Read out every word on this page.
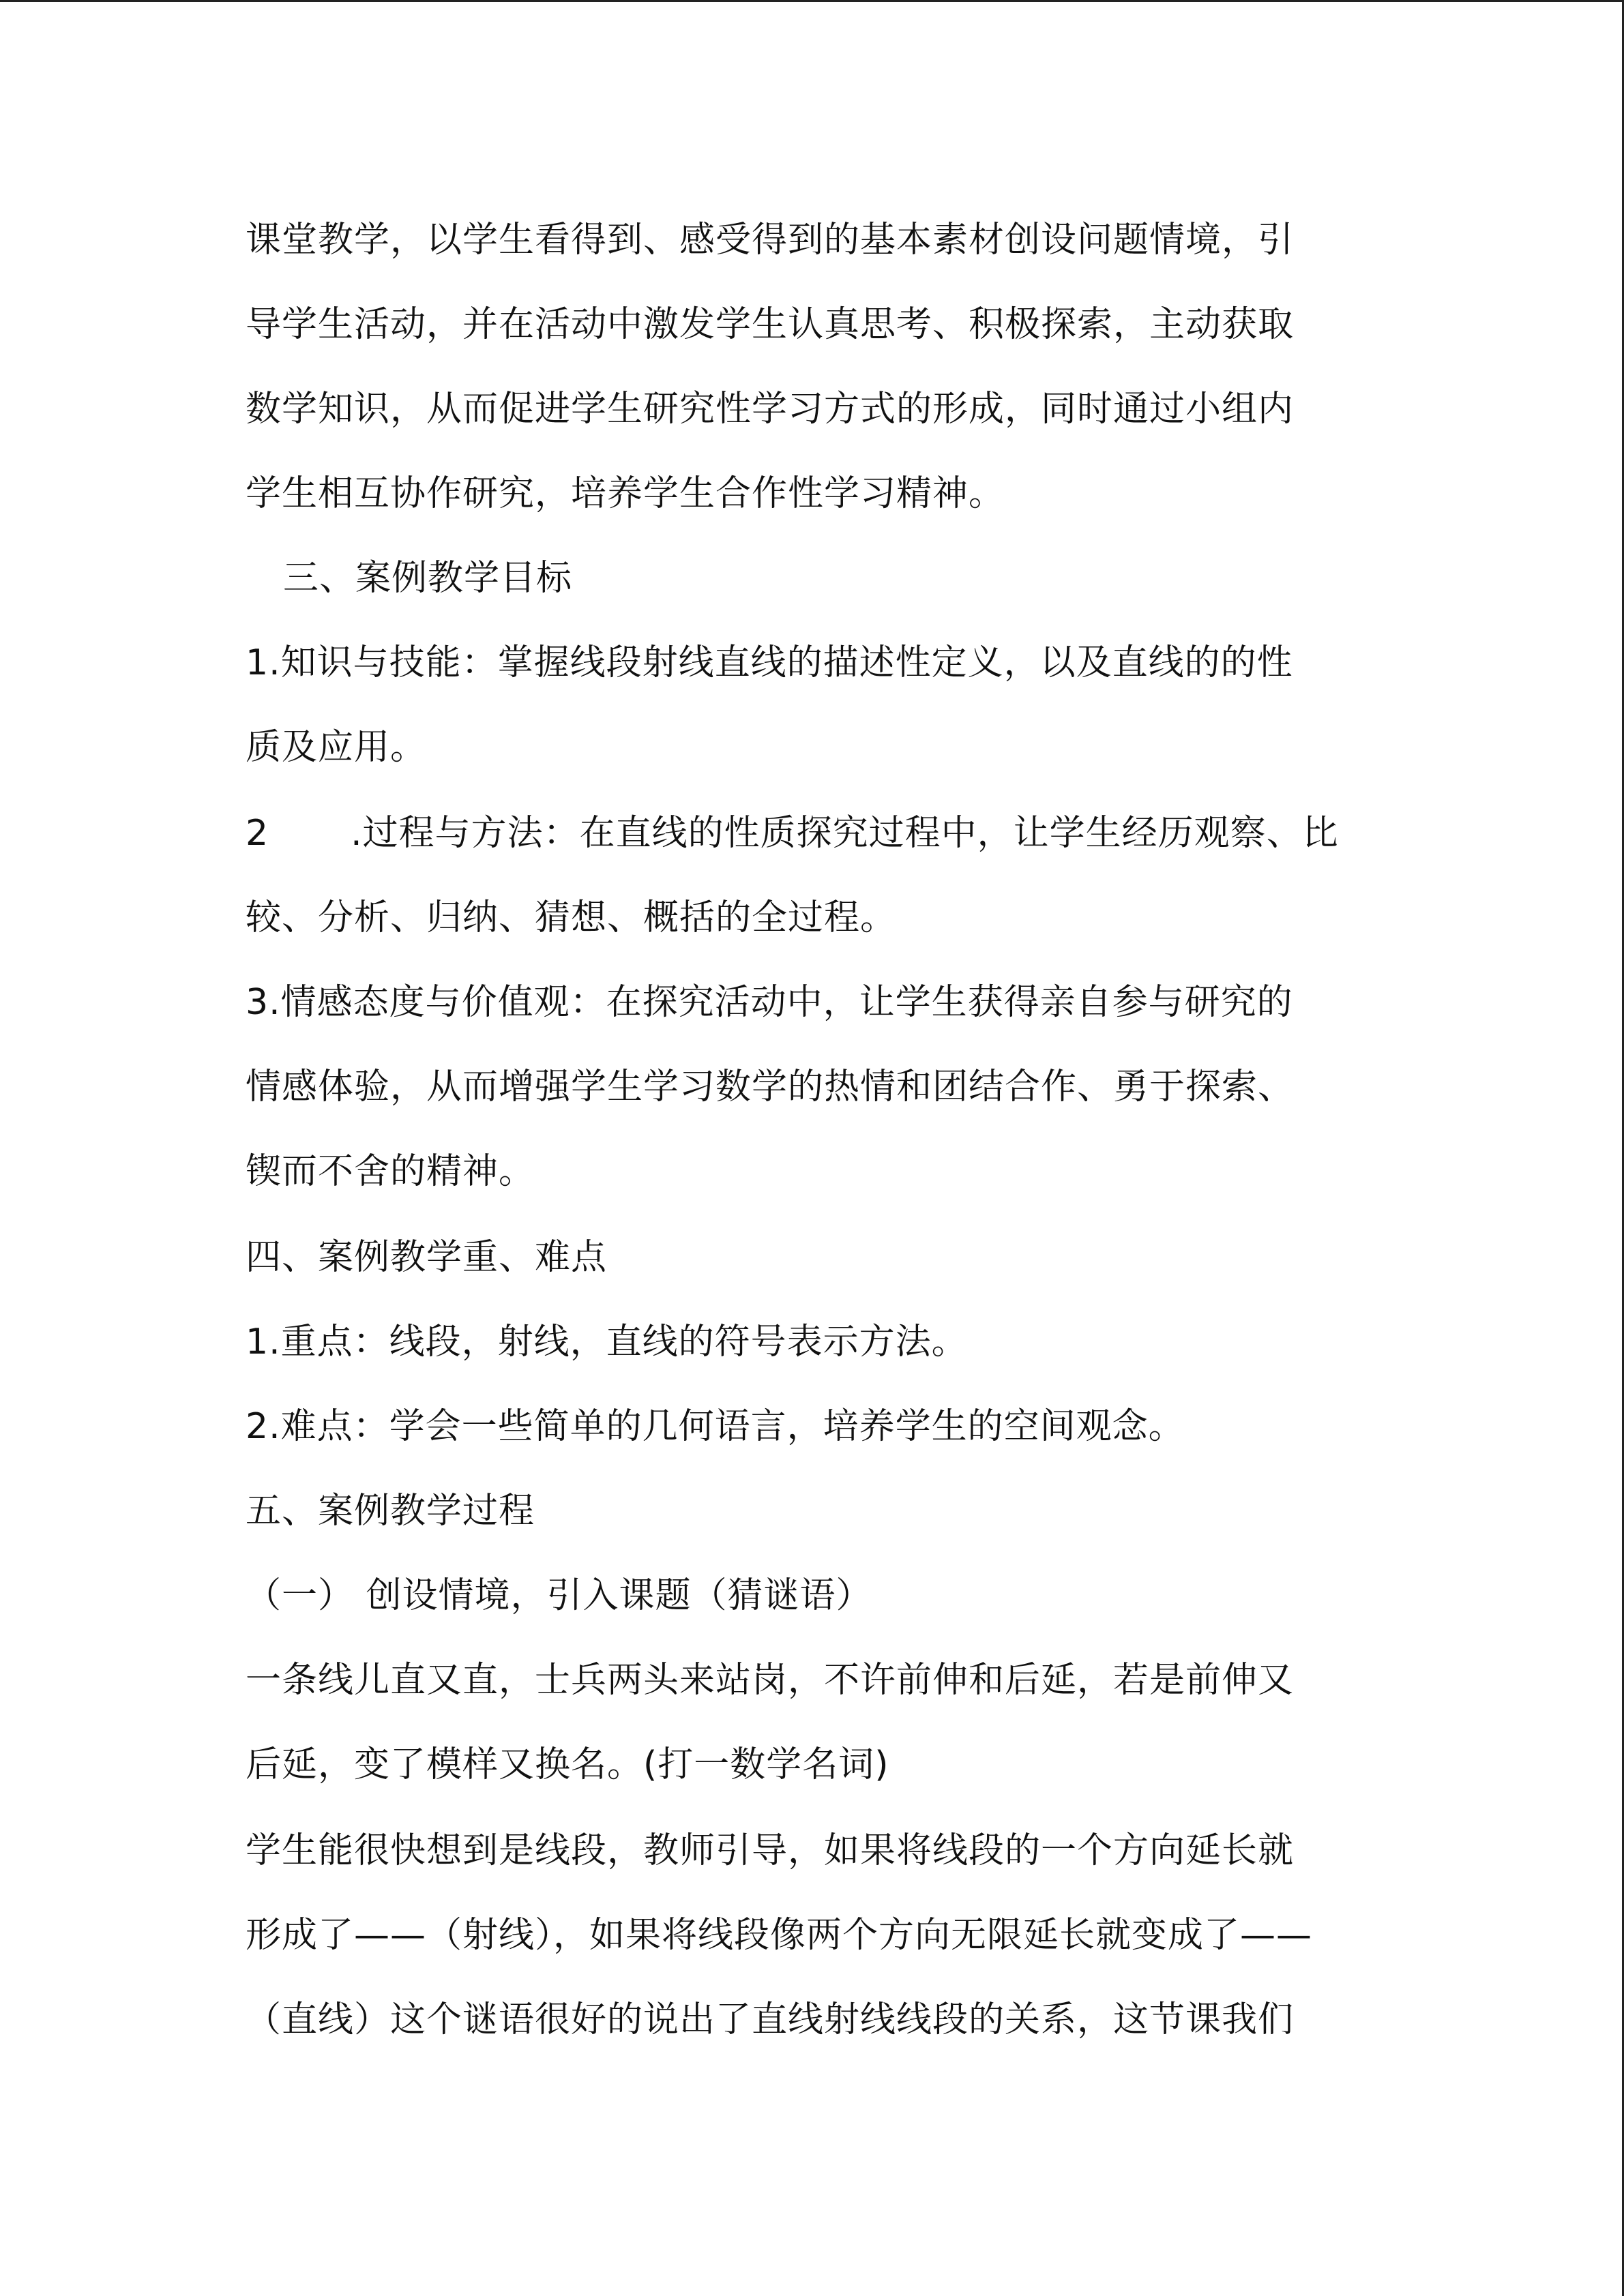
课堂教学，以学生看得到、感受得到的基本素材创设问题情境，引
导学生活动，并在活动中激发学生认真思考、积极探索，主动获取
数学知识，从而促进学生研究性学习方式的形成，同时通过小组内
学生相互协作研究，培养学生合作性学习精神。
三、案例教学目标
1.知识与技能：掌握线段射线直线的描述性定义，以及直线的的性
质及应用。
2 .过程与方法：在直线的性质探究过程中，让学生经历观察、比
较、分析、归纳、猜想、概括的全过程。
3.情感态度与价值观：在探究活动中，让学生获得亲自参与研究的
情感体验，从而增强学生学习数学的热情和团结合作、勇于探索、
锲而不舍的精神。
四、案例教学重、难点
1.重点：线段，射线，直线的符号表示方法。
2.难点：学会一些简单的几何语言，培养学生的空间观念。
五、案例教学过程
（一） 创设情境，引入课题（猜谜语）
一条线儿直又直，士兵两头来站岗，不许前伸和后延，若是前伸又
后延，变了模样又换名。(打一数学名词)
学生能很快想到是线段，教师引导，如果将线段的一个方向延长就
形成了——（射线），如果将线段像两个方向无限延长就变成了——
（直线）这个谜语很好的说出了直线射线线段的关系，这节课我们
